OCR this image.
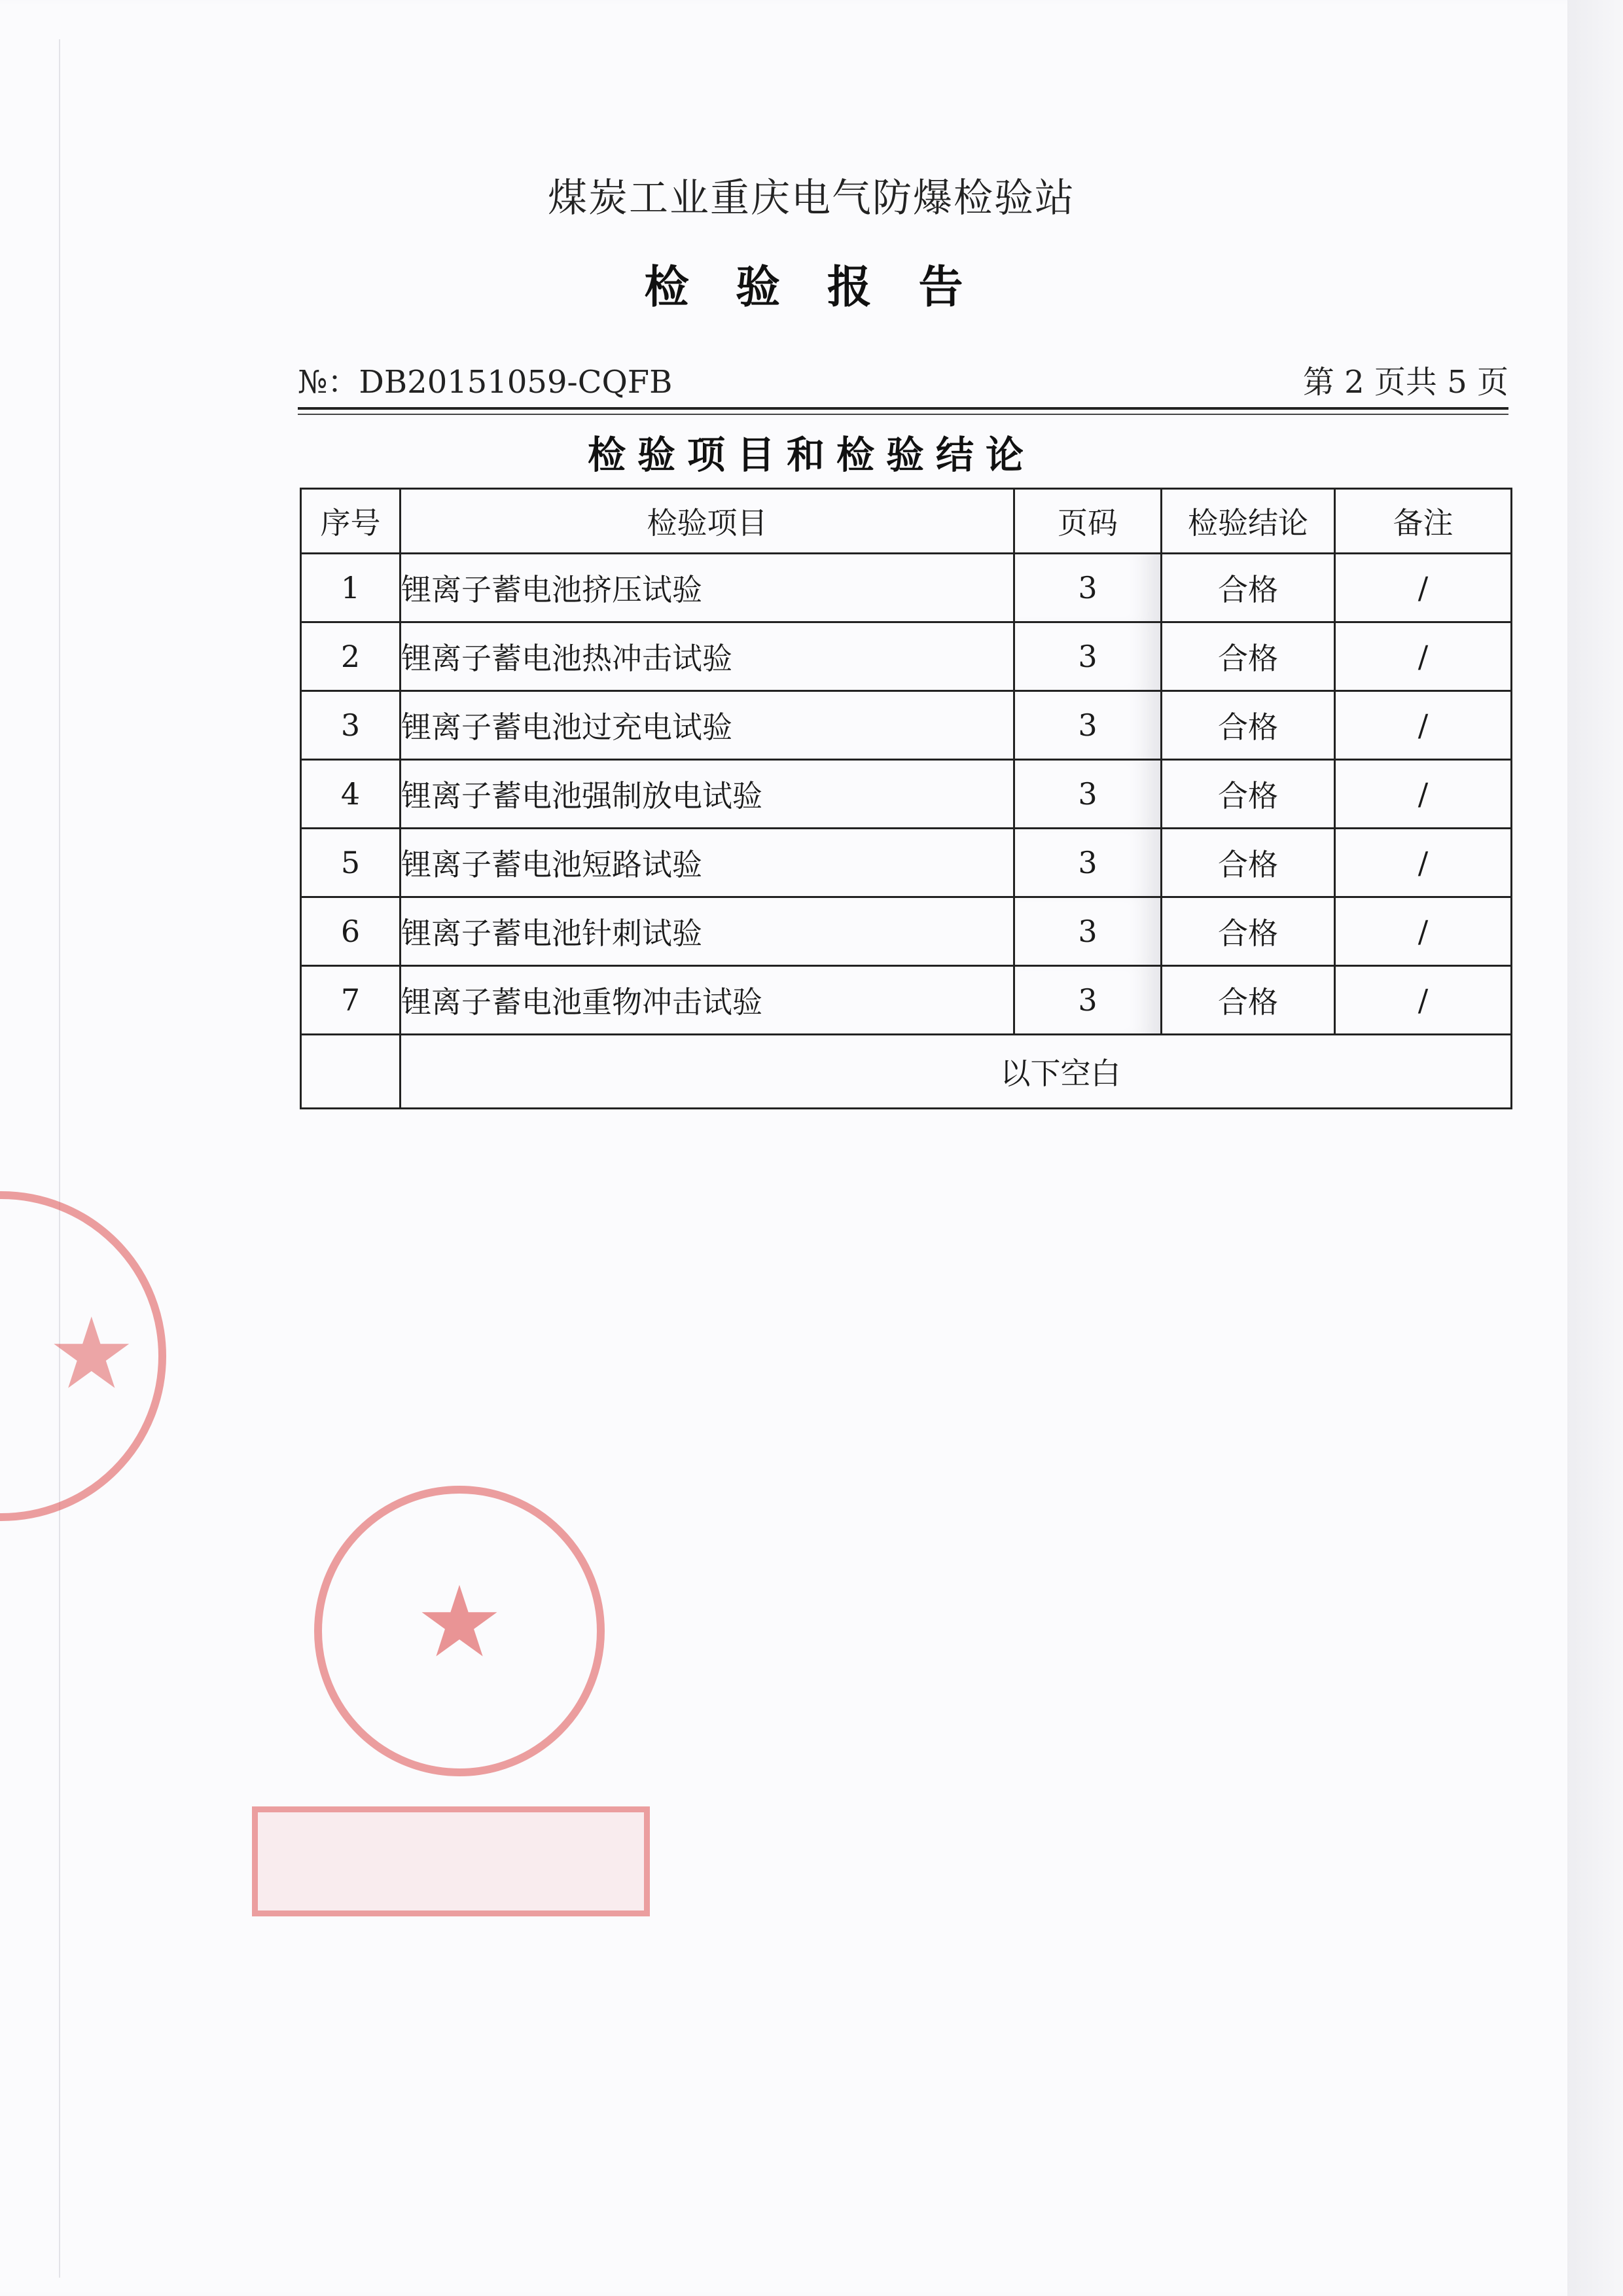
煤炭工业重庆电气防爆检验站
检 验 报 告
№：DB20151059-CQFB	第 2 页共 5 页
检验项目和检验结论
序号	检验项目	页码	检验结论	备注
1	锂离子蓄电池挤压试验	3	合格	/
2	锂离子蓄电池热冲击试验	3	合格	/
3	锂离子蓄电池过充电试验	3	合格	/
4	锂离子蓄电池强制放电试验	3	合格	/
5	锂离子蓄电池短路试验	3	合格	/
6	锂离子蓄电池针刺试验	3	合格	/
7	锂离子蓄电池重物冲击试验	3	合格	/

	以下空白			
★
★
